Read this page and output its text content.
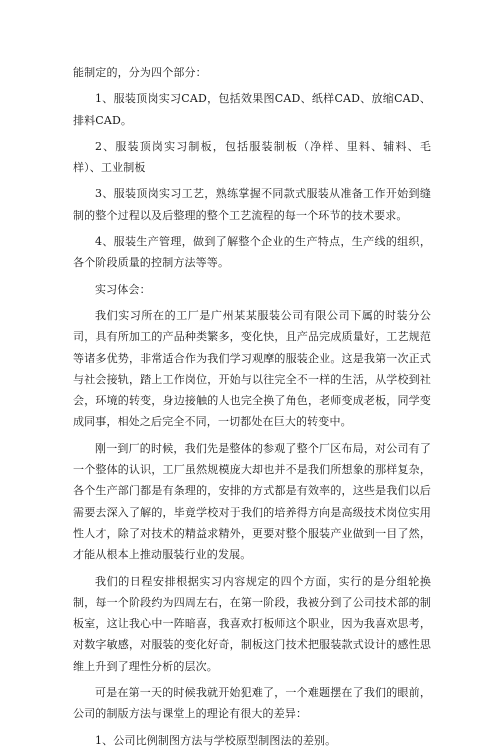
能制定的，分为四个部分：

1、服装顶岗实习CAD，包括效果图CAD、纸样CAD、放缩CAD、排料CAD。

2、服装顶岗实习制板，包括服装制板（净样、里料、辅料、毛样）、工业制板

3、服装顶岗实习工艺，熟练掌握不同款式服装从准备工作开始到缝制的整个过程以及后整理的整个工艺流程的每一个环节的技术要求。

4、服装生产管理，做到了解整个企业的生产特点，生产线的组织，各个阶段质量的控制方法等等。

实习体会：

我们实习所在的工厂是广州某某服装公司有限公司下属的时装分公司，具有所加工的产品种类繁多，变化快，且产品完成质量好，工艺规范等诸多优势，非常适合作为我们学习观摩的服装企业。这是我第一次正式与社会接轨，踏上工作岗位，开始与以往完全不一样的生活，从学校到社会，环境的转变，身边接触的人也完全换了角色，老师变成老板，同学变成同事，相处之后完全不同，一切都处在巨大的转变中。

刚一到厂的时候，我们先是整体的参观了整个厂区布局，对公司有了一个整体的认识，工厂虽然规模庞大却也并不是我们所想象的那样复杂，各个生产部门都是有条理的，安排的方式都是有效率的，这些是我们以后需要去深入了解的，毕竟学校对于我们的培养得方向是高级技术岗位实用性人才，除了对技术的精益求精外，更要对整个服装产业做到一目了然，才能从根本上推动服装行业的发展。

我们的日程安排根据实习内容规定的四个方面，实行的是分组轮换制，每一个阶段约为四周左右，在第一阶段，我被分到了公司技术部的制板室，这让我心中一阵暗喜，我喜欢打板师这个职业，因为我喜欢思考，对数字敏感，对服装的变化好奇，制板这门技术把服装款式设计的感性思维上升到了理性分析的层次。

可是在第一天的时候我就开始犯难了，一个难题摆在了我们的眼前，公司的制版方法与课堂上的理论有很大的差异：

1、公司比例制图方法与学校原型制图法的差别。
